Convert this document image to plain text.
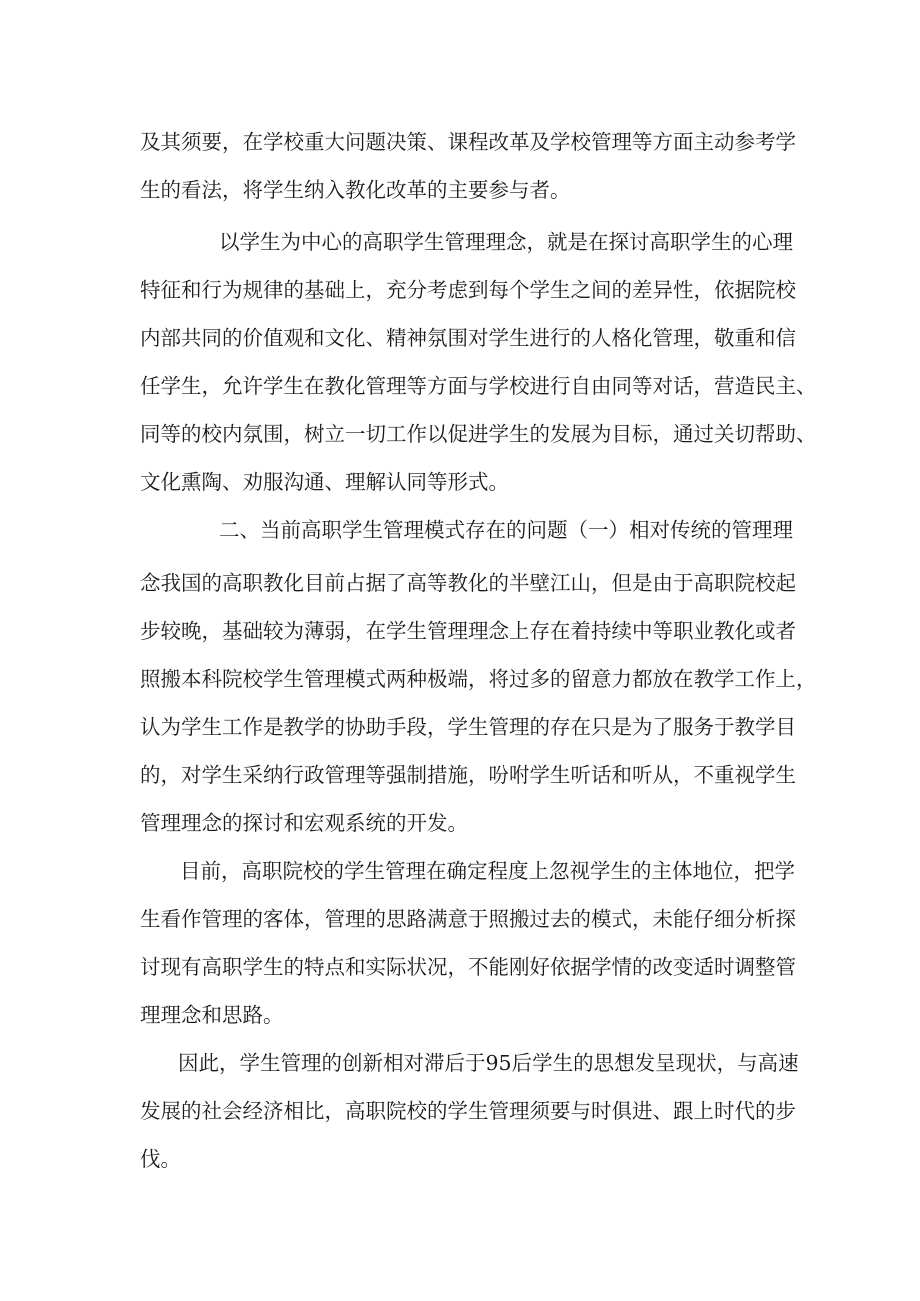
及其须要，在学校重大问题决策、课程改革及学校管理等方面主动参考学
生的看法，将学生纳入教化改革的主要参与者。
以学生为中心的高职学生管理理念，就是在探讨高职学生的心理
特征和行为规律的基础上，充分考虑到每个学生之间的差异性，依据院校
内部共同的价值观和文化、精神氛围对学生进行的人格化管理，敬重和信
任学生，允许学生在教化管理等方面与学校进行自由同等对话，营造民主、
同等的校内氛围，树立一切工作以促进学生的发展为目标，通过关切帮助、
文化熏陶、劝服沟通、理解认同等形式。
二、当前高职学生管理模式存在的问题（一）相对传统的管理理
念我国的高职教化目前占据了高等教化的半壁江山，但是由于高职院校起
步较晚，基础较为薄弱，在学生管理理念上存在着持续中等职业教化或者
照搬本科院校学生管理模式两种极端，将过多的留意力都放在教学工作上，
认为学生工作是教学的协助手段，学生管理的存在只是为了服务于教学目
的，对学生采纳行政管理等强制措施，吩咐学生听话和听从，不重视学生
管理理念的探讨和宏观系统的开发。
目前，高职院校的学生管理在确定程度上忽视学生的主体地位，把学
生看作管理的客体，管理的思路满意于照搬过去的模式，未能仔细分析探
讨现有高职学生的特点和实际状况，不能刚好依据学情的改变适时调整管
理理念和思路。
因此，学生管理的创新相对滞后于95后学生的思想发呈现状，与高速
发展的社会经济相比，高职院校的学生管理须要与时俱进、跟上时代的步
伐。
